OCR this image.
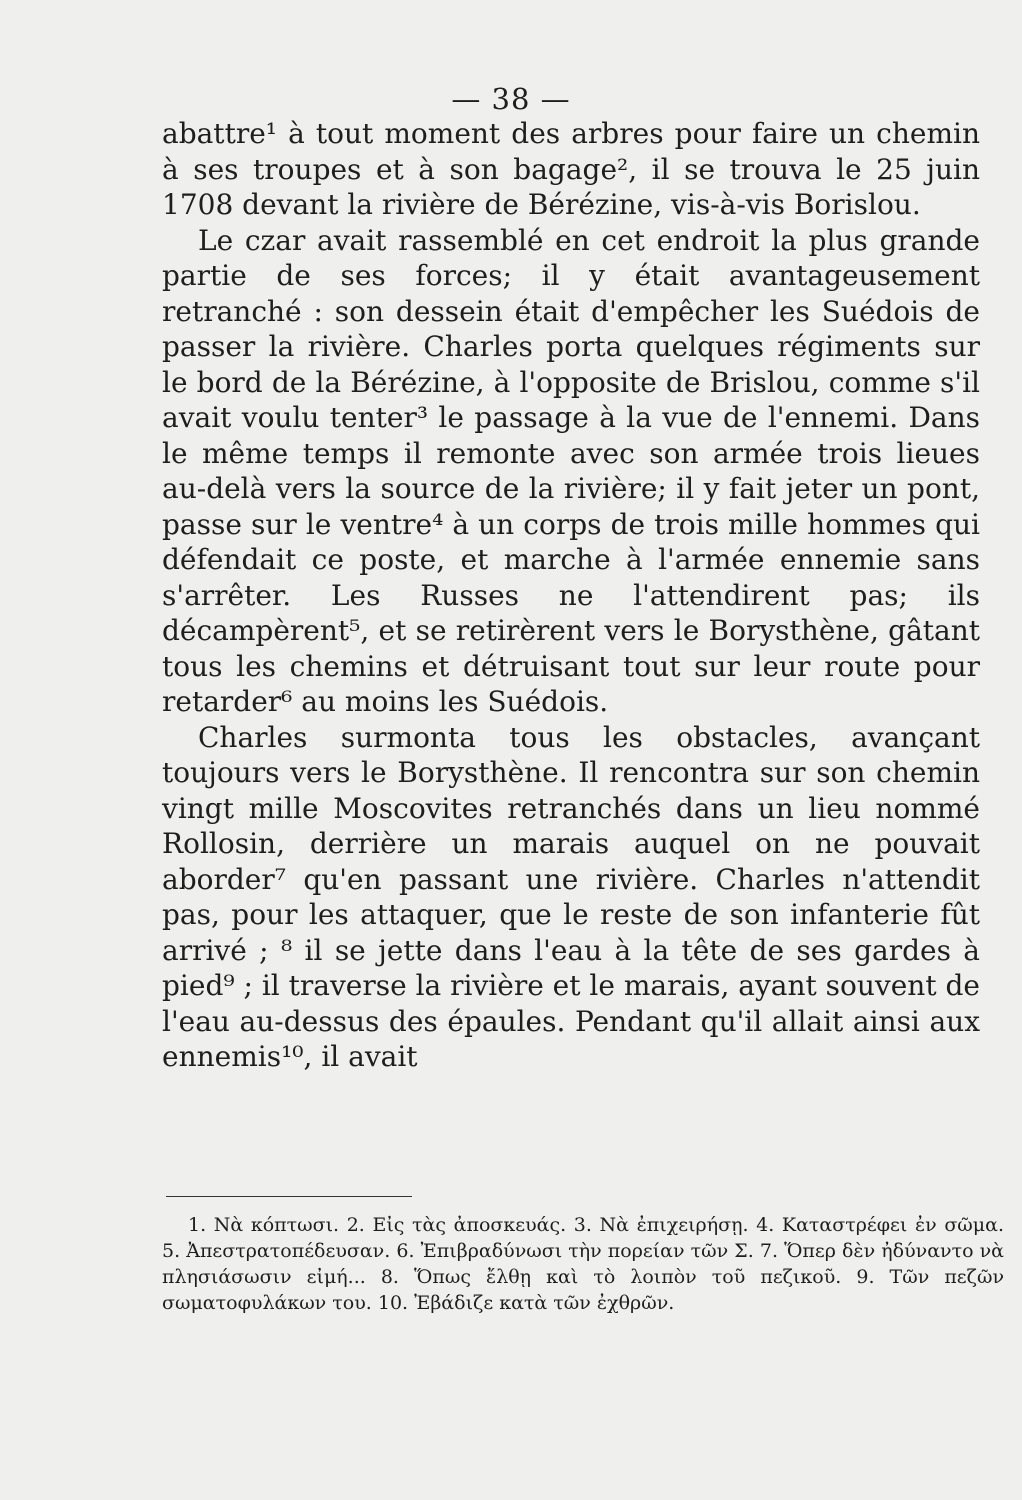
— 38 —

abattre¹ à tout moment des arbres pour faire un chemin à ses troupes et à son bagage², il se trouva le 25 juin 1708 devant la rivière de Bérézine, vis-à-vis Borislou.

Le czar avait rassemblé en cet endroit la plus grande partie de ses forces; il y était avantageusement retranché : son dessein était d'empêcher les Suédois de passer la rivière. Charles porta quelques régiments sur le bord de la Bérézine, à l'opposite de Brislou, comme s'il avait voulu tenter³ le passage à la vue de l'ennemi. Dans le même temps il remonte avec son armée trois lieues au-delà vers la source de la rivière; il y fait jeter un pont, passe sur le ventre⁴ à un corps de trois mille hommes qui défendait ce poste, et marche à l'armée ennemie sans s'arrêter. Les Russes ne l'attendirent pas; ils décampèrent⁵, et se retirèrent vers le Borysthène, gâtant tous les chemins et détruisant tout sur leur route pour retarder⁶ au moins les Suédois.

Charles surmonta tous les obstacles, avançant toujours vers le Borysthène. Il rencontra sur son chemin vingt mille Moscovites retranchés dans un lieu nommé Rollosin, derrière un marais auquel on ne pouvait aborder⁷ qu'en passant une rivière. Charles n'attendit pas, pour les attaquer, que le reste de son infanterie fût arrivé ; ⁸ il se jette dans l'eau à la tête de ses gardes à pied⁹ ; il traverse la rivière et le marais, ayant souvent de l'eau au-dessus des épaules. Pendant qu'il allait ainsi aux ennemis¹⁰, il avait

1. Νὰ κόπτωσι. 2. Εἰς τὰς ἀποσκευάς. 3. Νὰ ἐπιχειρήσῃ. 4. Καταστρέφει ἐν σῶμα. 5. Ἀπεστρατοπέδευσαν. 6. Ἐπιβραδύνωσι τὴν πορείαν τῶν Σ. 7. Ὅπερ δὲν ἠδύναντο νὰ πλησιάσωσιν εἰμή... 8. Ὅπως ἔλθῃ καὶ τὸ λοιπὸν τοῦ πεζικοῦ. 9. Τῶν πεζῶν σωματοφυλάκων του. 10. Ἐβάδιζε κατὰ τῶν ἐχθρῶν.
